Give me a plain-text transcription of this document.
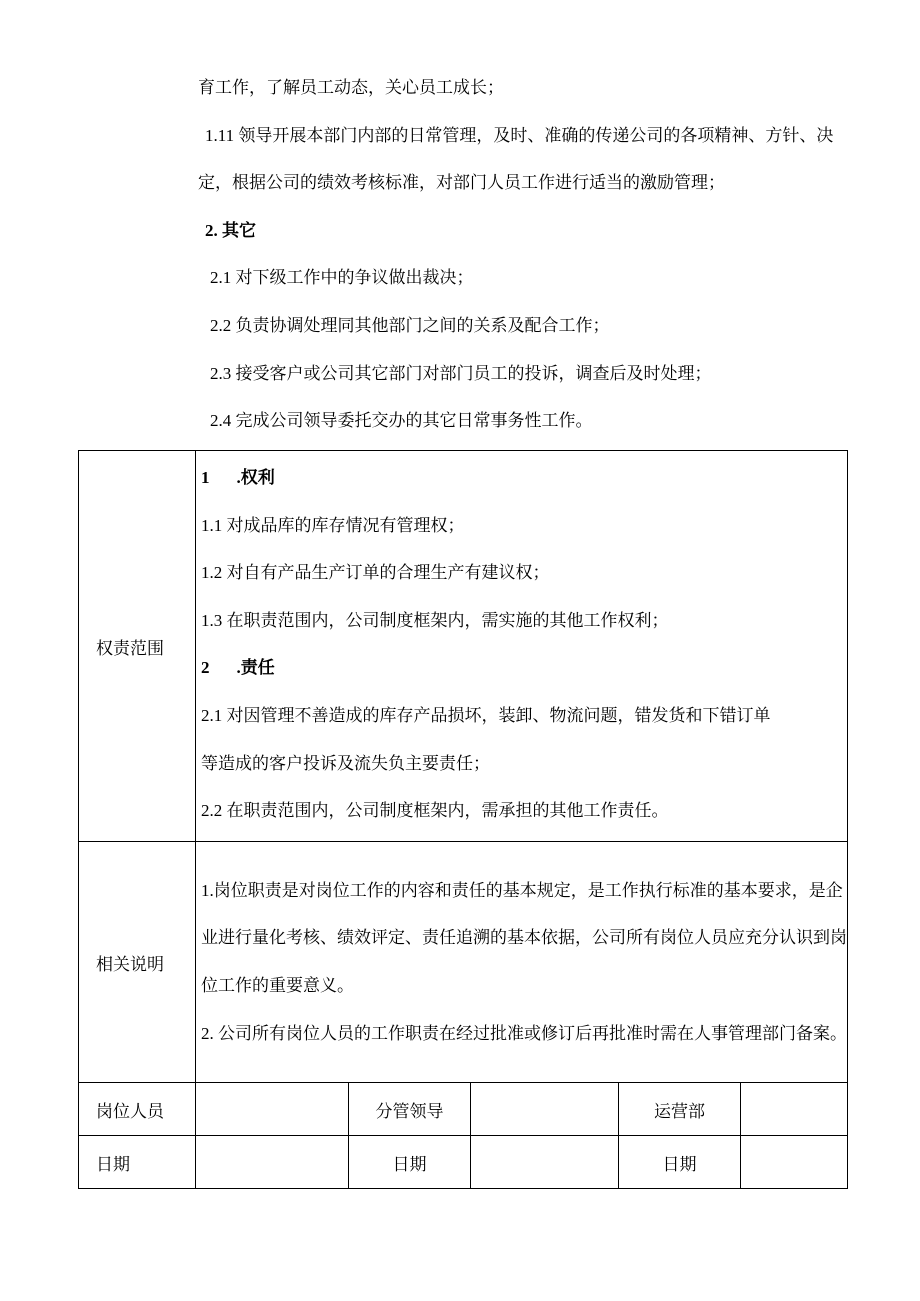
育工作，了解员工动态，关心员工成长；
1.11 领导开展本部门内部的日常管理，及时、准确的传递公司的各项精神、方针、决
定，根据公司的绩效考核标准，对部门人员工作进行适当的激励管理；
2. 其它
2.1 对下级工作中的争议做出裁决；
2.2 负责协调处理同其他部门之间的关系及配合工作；
2.3 接受客户或公司其它部门对部门员工的投诉，调查后及时处理；
2.4 完成公司领导委托交办的其它日常事务性工作。
权责范围
1 .权利
1.1 对成品库的库存情况有管理权；
1.2 对自有产品生产订单的合理生产有建议权；
1.3 在职责范围内，公司制度框架内，需实施的其他工作权利；
2 .责任
2.1 对因管理不善造成的库存产品损坏，装卸、物流问题，错发货和下错订单
等造成的客户投诉及流失负主要责任；
2.2 在职责范围内，公司制度框架内，需承担的其他工作责任。
相关说明
1.岗位职责是对岗位工作的内容和责任的基本规定，是工作执行标准的基本要求，是企
业进行量化考核、绩效评定、责任追溯的基本依据，公司所有岗位人员应充分认识到岗
位工作的重要意义。
2. 公司所有岗位人员的工作职责在经过批准或修订后再批准时需在人事管理部门备案。
岗位人员	分管领导	运营部
日期	日期	日期
